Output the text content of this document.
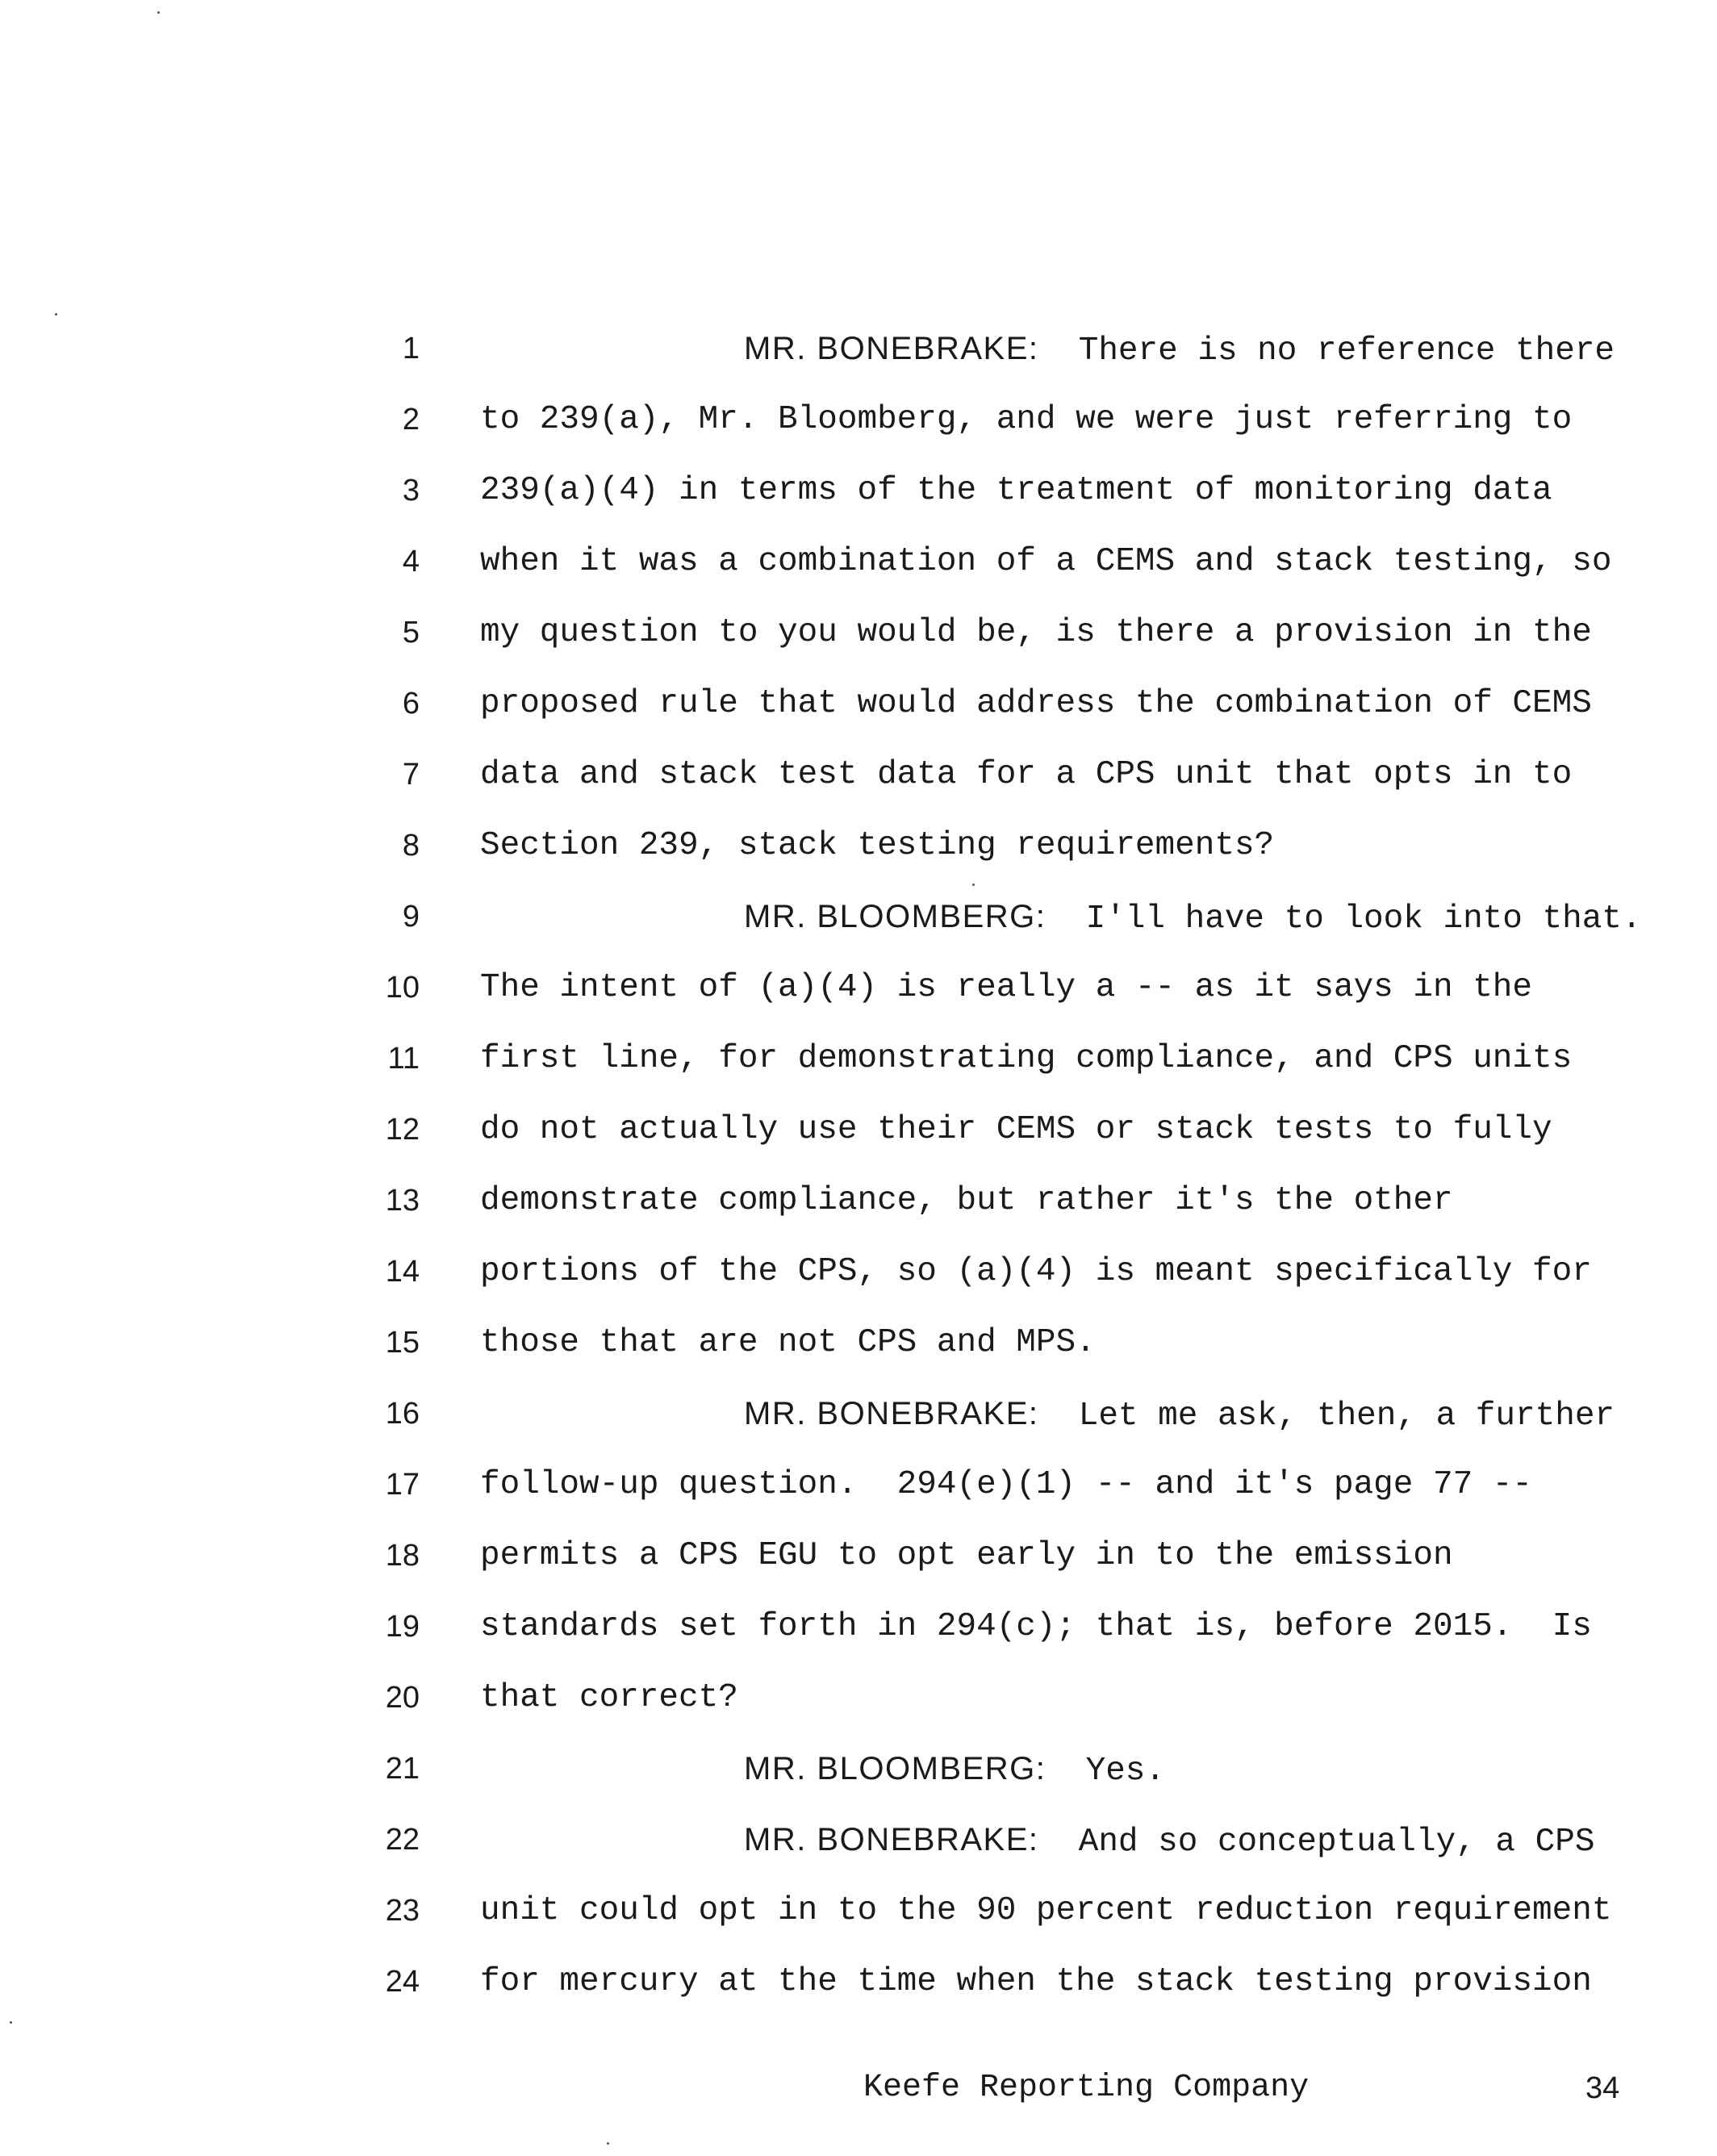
1	MR. BONEBRAKE:  There is no reference there
2 to 239(a), Mr. Bloomberg, and we were just referring to
3 239(a)(4) in terms of the treatment of monitoring data
4 when it was a combination of a CEMS and stack testing, so
5 my question to you would be, is there a provision in the
6 proposed rule that would address the combination of CEMS
7 data and stack test data for a CPS unit that opts in to
8 Section 239, stack testing requirements?
9	MR. BLOOMBERG:  I'll have to look into that.
10 The intent of (a)(4) is really a -- as it says in the
11 first line, for demonstrating compliance, and CPS units
12 do not actually use their CEMS or stack tests to fully
13 demonstrate compliance, but rather it's the other
14 portions of the CPS, so (a)(4) is meant specifically for
15 those that are not CPS and MPS.
16	MR. BONEBRAKE:  Let me ask, then, a further
17 follow-up question.  294(e)(1) -- and it's page 77 --
18 permits a CPS EGU to opt early in to the emission
19 standards set forth in 294(c); that is, before 2015.  Is
20 that correct?
21	MR. BLOOMBERG:  Yes.
22	MR. BONEBRAKE:  And so conceptually, a CPS
23 unit could opt in to the 90 percent reduction requirement
24 for mercury at the time when the stack testing provision
Keefe Reporting Company	34
